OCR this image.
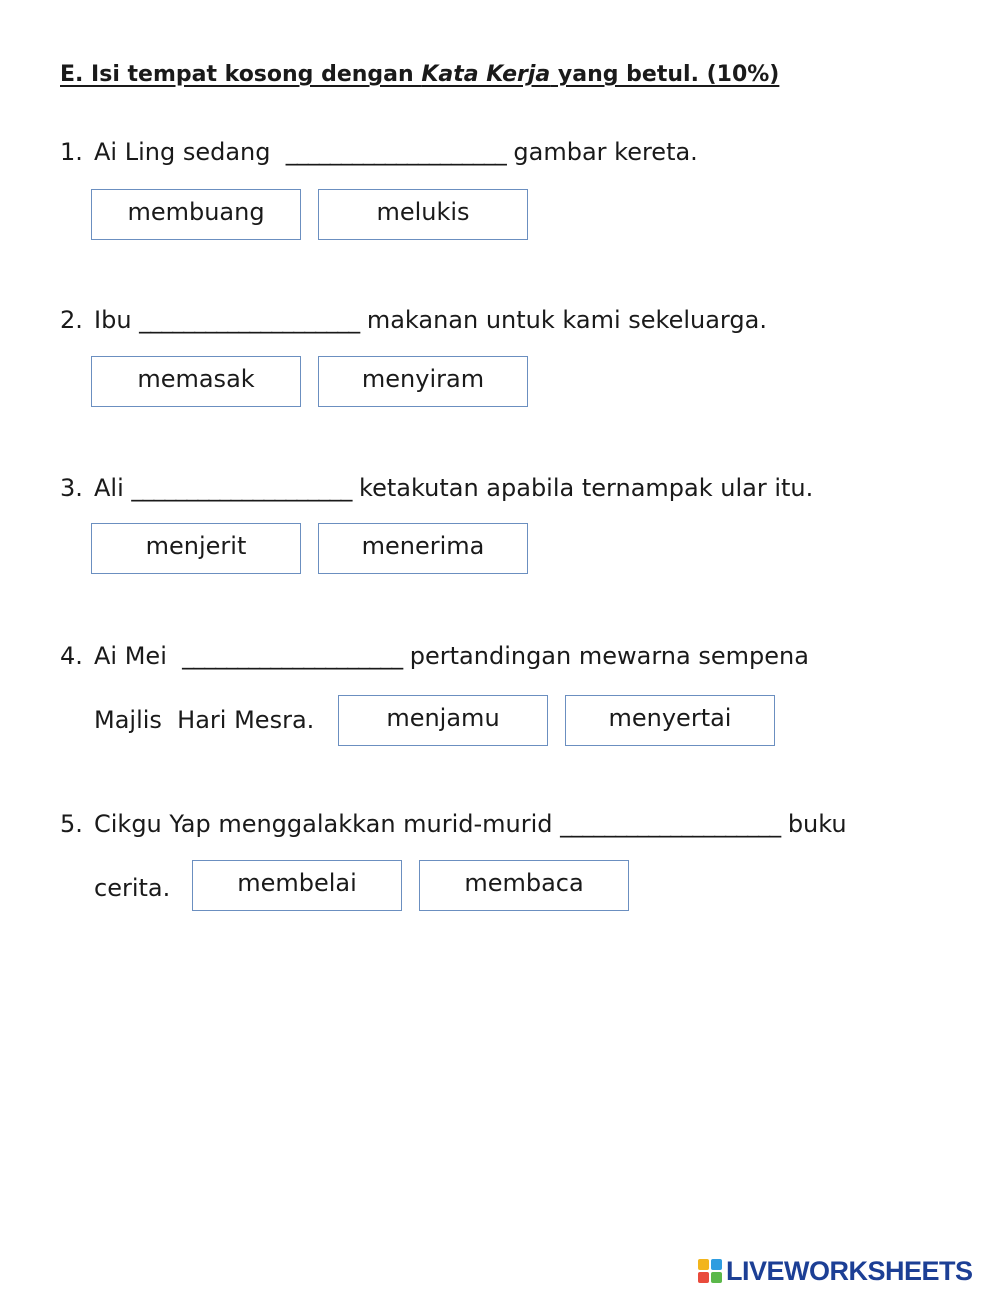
E. Isi tempat kosong dengan Kata Kerja yang betul. (10%)
1. Ai Ling sedang ____________________ gambar kereta.
membuang	melukis
2. Ibu ____________________ makanan untuk kami sekeluarga.
memasak	menyiram
3. Ali ____________________ ketakutan apabila ternampak ular itu.
menjerit	menerima
4. Ai Mei ____________________ pertandingan mewarna sempena
Majlis  Hari Mesra.	menjamu	menyertai
5. Cikgu Yap menggalakkan murid-murid ____________________ buku
cerita.	membelai	membaca
LIVEWORKSHEETS
